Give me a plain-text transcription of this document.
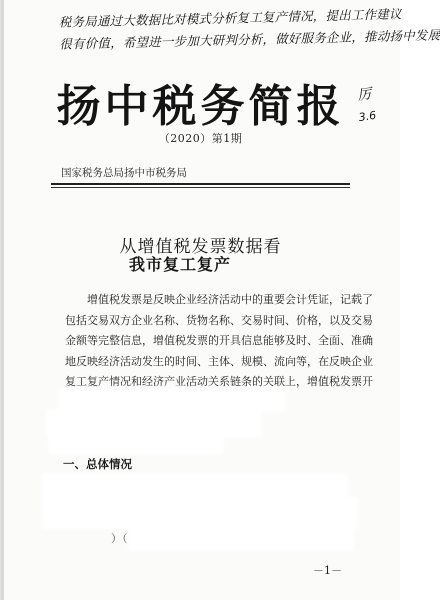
税务局通过大数据比对模式分析复工复产情况，提出工作建议
很有价值，希望进一步加大研判分析，做好服务企业，推动扬中发展
厉
3.6
扬中税务简报
（2020）第1期
国家税务总局扬中市税务局
从增值税发票数据看
我市复工复产
增值税发票是反映企业经济活动中的重要会计凭证，记载了
包括交易双方企业名称、货物名称、交易时间、价格，以及交易
金额等完整信息，增值税发票的开具信息能够及时、全面、准确
地反映经济活动发生的时间、主体、规模、流向等，在反映企业
复工复产情况和经济产业活动关系链条的关联上，增值税发票开
一、总体情况
）（
－1－
